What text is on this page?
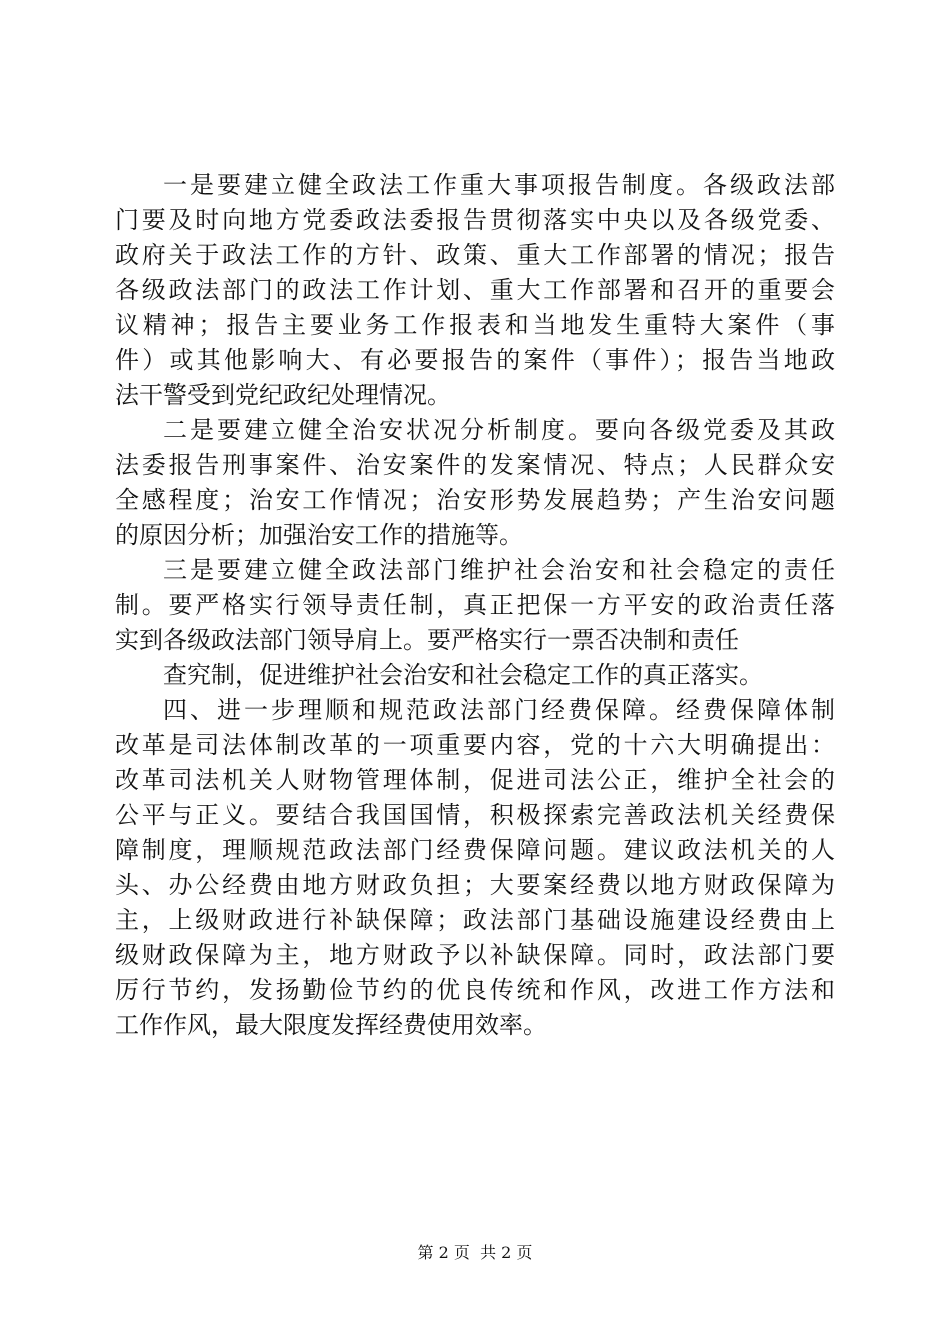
一是要建立健全政法工作重大事项报告制度。各级政法部
门要及时向地方党委政法委报告贯彻落实中央以及各级党委、
政府关于政法工作的方针、政策、重大工作部署的情况；报告
各级政法部门的政法工作计划、重大工作部署和召开的重要会
议精神；报告主要业务工作报表和当地发生重特大案件（事
件）或其他影响大、有必要报告的案件（事件）；报告当地政
法干警受到党纪政纪处理情况。
二是要建立健全治安状况分析制度。要向各级党委及其政
法委报告刑事案件、治安案件的发案情况、特点；人民群众安
全感程度；治安工作情况；治安形势发展趋势；产生治安问题
的原因分析；加强治安工作的措施等。
三是要建立健全政法部门维护社会治安和社会稳定的责任
制。要严格实行领导责任制，真正把保一方平安的政治责任落
实到各级政法部门领导肩上。要严格实行一票否决制和责任
查究制，促进维护社会治安和社会稳定工作的真正落实。
四、进一步理顺和规范政法部门经费保障。经费保障体制
改革是司法体制改革的一项重要内容，党的十六大明确提出：
改革司法机关人财物管理体制，促进司法公正，维护全社会的
公平与正义。要结合我国国情，积极探索完善政法机关经费保
障制度，理顺规范政法部门经费保障问题。建议政法机关的人
头、办公经费由地方财政负担；大要案经费以地方财政保障为
主，上级财政进行补缺保障；政法部门基础设施建设经费由上
级财政保障为主，地方财政予以补缺保障。同时，政法部门要
厉行节约，发扬勤俭节约的优良传统和作风，改进工作方法和
工作作风，最大限度发挥经费使用效率。
第 2 页  共 2 页
